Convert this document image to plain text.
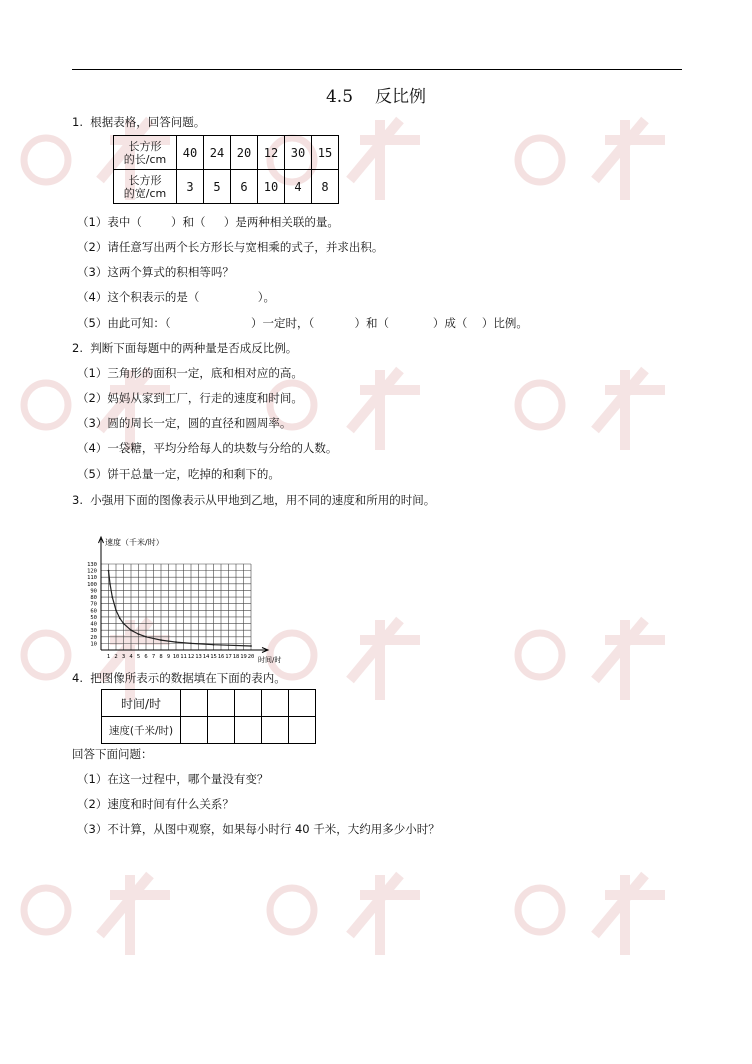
4.5 反比例
1.  根据表格，回答问题。
长方形
的长/cm	40	24	20	12	30	15

长方形
的宽/cm	3	5	6	10	4	8
（1）表中（        ）和（     ）是两种相关联的量。
（2）请任意写出两个长方形长与宽相乘的式子，并求出积。
（3）这两个算式的积相等吗？
（4）这个积表示的是（                ）。
（5）由此可知：（                      ）一定时，（           ）和（            ）成（    ）比例。
2.  判断下面每题中的两种量是否成反比例。
（1）三角形的面积一定，底和相对应的高。
（2）妈妈从家到工厂，行走的速度和时间。
（3）圆的周长一定，圆的直径和圆周率。
（4）一袋糖，平均分给每人的块数与分给的人数。
（5）饼干总量一定，吃掉的和剩下的。
3.  小强用下面的图像表示从甲地到乙地，用不同的速度和所用的时间。
10
20
30
40
50
60
70
80
90
100
110
120
130
1 2 3 4 5 6 7 8 9 10 11 12 13 14 15 16 17 18 19 20
速度（千米/时）
时间/时
4.  把图像所表示的数据填在下面的表内。
时间/时					
速度(千米/时)					
回答下面问题：
（1）在这一过程中，哪个量没有变？
（2）速度和时间有什么关系？
（3）不计算，从图中观察，如果每小时行 40 千米，大约用多少小时？
